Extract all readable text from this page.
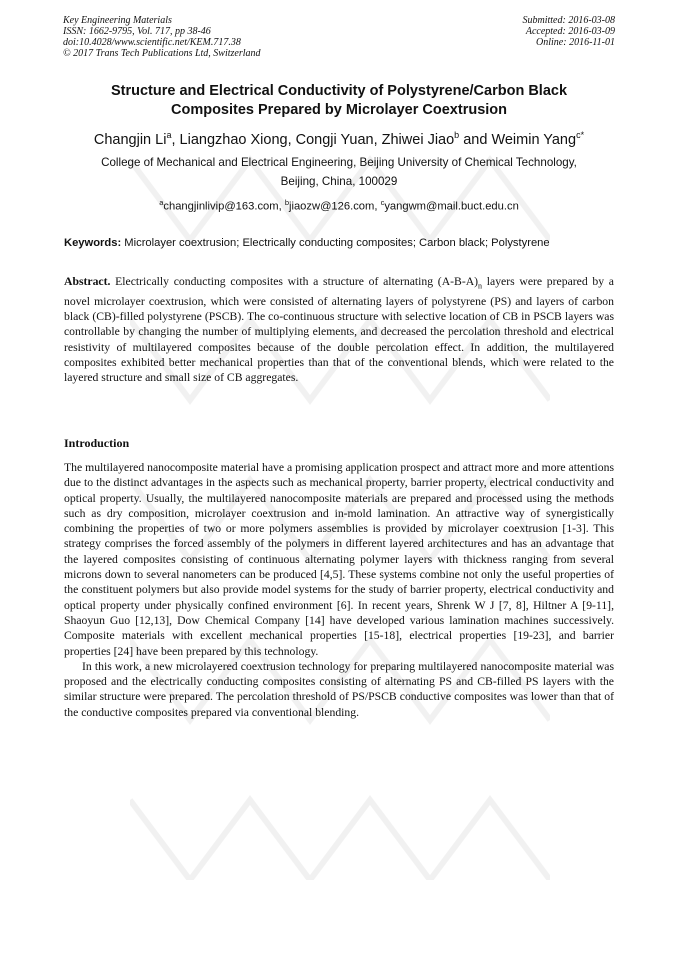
Key Engineering Materials
ISSN: 1662-9795, Vol. 717, pp 38-46
doi:10.4028/www.scientific.net/KEM.717.38
© 2017 Trans Tech Publications Ltd, Switzerland
Submitted: 2016-03-08
Accepted: 2016-03-09
Online: 2016-11-01
Structure and Electrical Conductivity of Polystyrene/Carbon Black
Composites Prepared by Microlayer Coextrusion
Changjin Li$^a$, Liangzhao Xiong, Congji Yuan, Zhiwei Jiao$^b$ and Weimin Yang$^{c*}$
College of Mechanical and Electrical Engineering, Beijing University of Chemical Technology,
Beijing, China, 100029
$^a$changjinlivip@163.com, $^b$jiaozw@126.com, $^c$yangwm@mail.buct.edu.cn
Keywords: Microlayer coextrusion; Electrically conducting composites; Carbon black; Polystyrene
Abstract. Electrically conducting composites with a structure of alternating $(A-B-A)_n$ layers were prepared by a novel microlayer coextrusion, which were consisted of alternating layers of polystyrene (PS) and layers of carbon black (CB)-filled polystyrene (PSCB). The co-continuous structure with selective location of CB in PSCB layers was controllable by changing the number of multiplying elements, and decreased the percolation threshold and electrical resistivity of multilayered composites because of the double percolation effect. In addition, the multilayered composites exhibited better mechanical properties than that of the conventional blends, which were related to the layered structure and small size of CB aggregates.
Introduction

The multilayered nanocomposite material have a promising application prospect and attract more and more attentions due to the distinct advantages in the aspects such as mechanical property, barrier property, electrical conductivity and optical property. Usually, the multilayered nanocomposite materials are prepared and processed using the methods such as dry composition, microlayer coextrusion and in-mold lamination. An attractive way of synergistically combining the properties of two or more polymers assemblies is provided by microlayer coextrusion [1-3]. This strategy comprises the forced assembly of the polymers in different layered architectures and has an advantage that the layered composites consisting of continuous alternating polymer layers with thickness ranging from several microns down to several nanometers can be produced [4,5]. These systems combine not only the useful properties of the constituent polymers but also provide model systems for the study of barrier property, electrical conductivity and optical property under physically confined environment [6]. In recent years, Shrenk W J [7, 8], Hiltner A [9-11], Shaoyun Guo [12,13], Dow Chemical Company [14] have developed various lamination machines successively. Composite materials with excellent mechanical properties [15-18], electrical properties [19-23], and barrier properties [24] have been prepared by this technology.

In this work, a new microlayered coextrusion technology for preparing multilayered nanocomposite material was proposed and the electrically conducting composites consisting of alternating PS and CB-filled PS layers with the similar structure were prepared. The percolation threshold of PS/PSCB conductive composites was lower than that of the conductive composites prepared via conventional blending.
